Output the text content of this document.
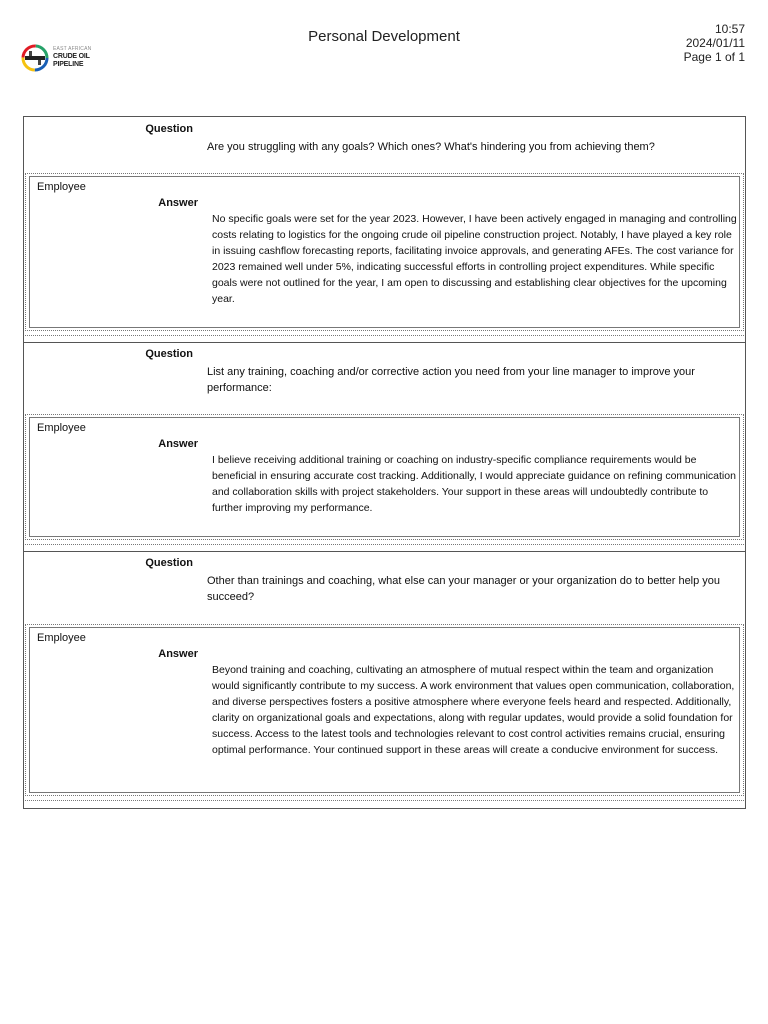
EAST AFRICAN
CRUDE OIL
PIPELINE
Personal Development	10:57
2024/01/11
Page 1 of 1
Question
Are you struggling with any goals? Which ones? What's hindering you from achieving them?
Employee
Answer
No specific goals were set for the year 2023. However, I have been actively engaged in managing and controlling costs relating to logistics for the ongoing crude oil pipeline construction project. Notably, I have played a key role in issuing cashflow forecasting reports, facilitating invoice approvals, and generating AFEs. The cost variance for 2023 remained well under 5%, indicating successful efforts in controlling project expenditures. While specific goals were not outlined for the year, I am open to discussing and establishing clear objectives for the upcoming year.
Question
List any training, coaching and/or corrective action you need from your line manager to improve your performance:
Employee
Answer
I believe receiving additional training or coaching on industry-specific compliance requirements would be beneficial in ensuring accurate cost tracking. Additionally, I would appreciate guidance on refining communication and collaboration skills with project stakeholders. Your support in these areas will undoubtedly contribute to further improving my performance.
Question
Other than trainings and coaching, what else can your manager or your organization do to better help you succeed?
Employee
Answer
Beyond training and coaching, cultivating an atmosphere of mutual respect within the team and organization would significantly contribute to my success. A work environment that values open communication, collaboration, and diverse perspectives fosters a positive atmosphere where everyone feels heard and respected. Additionally, clarity on organizational goals and expectations, along with regular updates, would provide a solid foundation for success. Access to the latest tools and technologies relevant to cost control activities remains crucial, ensuring optimal performance. Your continued support in these areas will create a conducive environment for success.
